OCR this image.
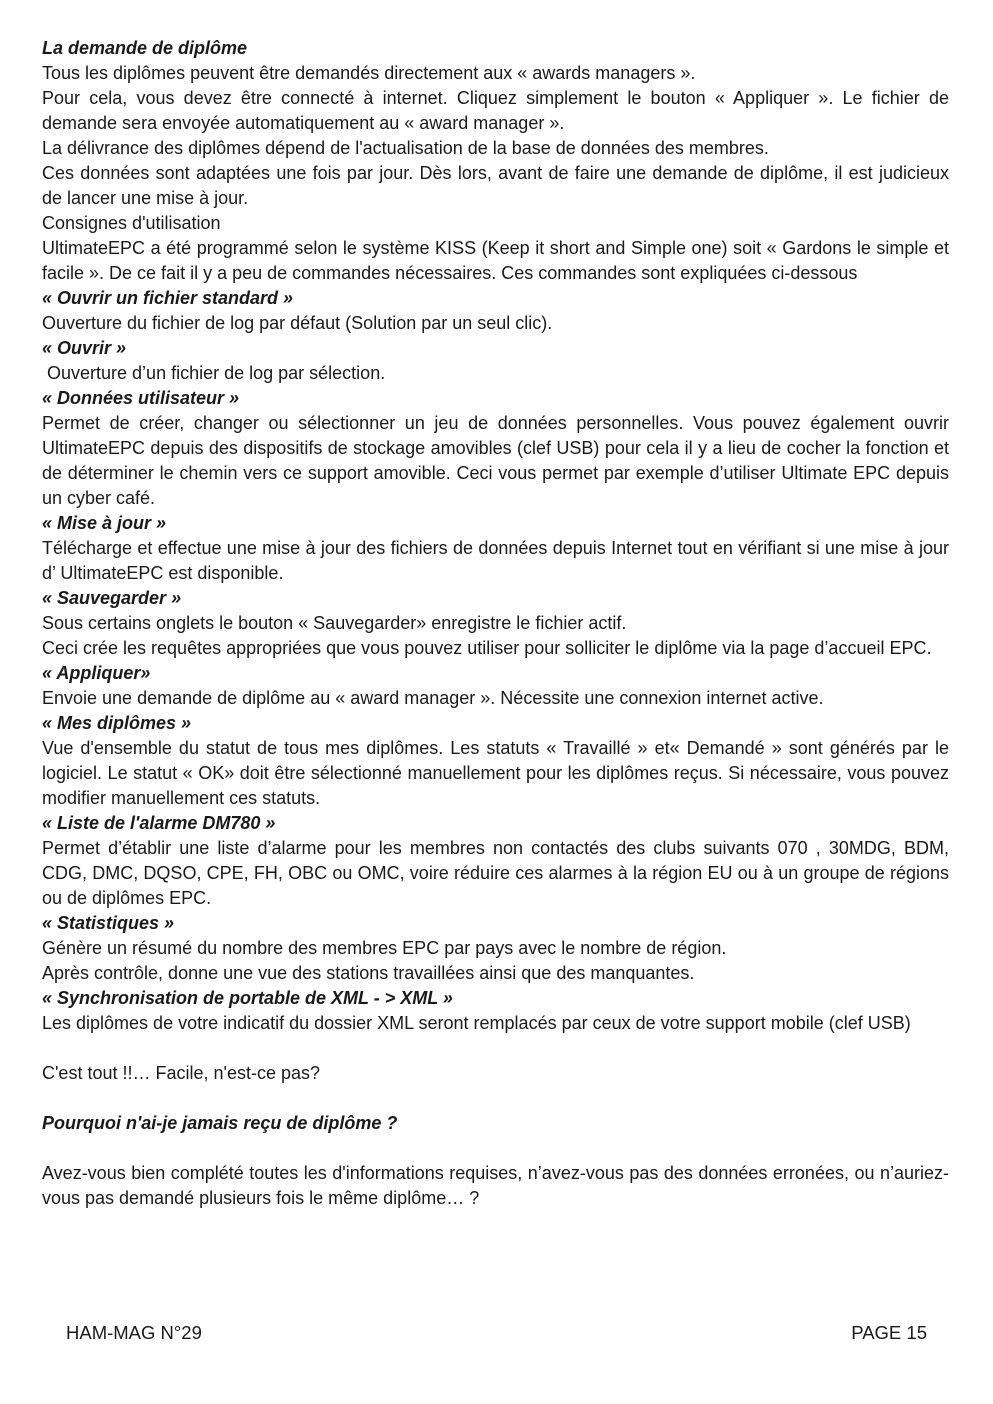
La demande de diplôme

Tous les diplômes peuvent être demandés directement aux « awards managers ».

Pour cela, vous devez être connecté à internet. Cliquez simplement le bouton « Appliquer ». Le fichier de demande sera envoyée automatiquement au « award manager ».

La délivrance des diplômes dépend de l'actualisation de la base de données des membres.

Ces données sont adaptées une fois par jour. Dès lors, avant de faire une demande de diplôme, il est judicieux de lancer une mise à jour.

Consignes d'utilisation

UltimateEPC a été programmé selon le système KISS (Keep it short and Simple one) soit « Gardons le simple et facile ». De ce fait il y a peu de commandes nécessaires. Ces commandes sont expliquées ci-dessous

« Ouvrir un fichier standard »

Ouverture du fichier de log par défaut (Solution par un seul clic).

« Ouvrir »

Ouverture d’un fichier de log par sélection.

« Données utilisateur »

Permet de créer, changer ou sélectionner un jeu de données personnelles. Vous pouvez également ouvrir UltimateEPC depuis des dispositifs de stockage amovibles (clef USB) pour cela il y a lieu de cocher la fonction et de déterminer le chemin vers ce support amovible. Ceci vous permet par exemple d’utiliser Ultimate EPC depuis un cyber café.

« Mise à jour »

Télécharge et effectue une mise à jour des fichiers de données depuis Internet tout en vérifiant si une mise à jour d’ UltimateEPC est disponible.

« Sauvegarder »

Sous certains onglets le bouton « Sauvegarder» enregistre le fichier actif.

Ceci crée les requêtes appropriées que vous pouvez utiliser pour solliciter le diplôme via la page d’accueil EPC.

« Appliquer»

Envoie une demande de diplôme au « award manager ». Nécessite une connexion internet active.

« Mes diplômes »

Vue d'ensemble du statut de tous mes diplômes. Les statuts « Travaillé » et« Demandé » sont générés par le logiciel. Le statut « OK» doit être sélectionné manuellement pour les diplômes reçus. Si nécessaire, vous pouvez modifier manuellement ces statuts.

« Liste de l'alarme DM780 »

Permet d’établir une liste d’alarme pour les membres non contactés des clubs suivants 070 , 30MDG, BDM, CDG, DMC, DQSO, CPE, FH, OBC ou OMC, voire réduire ces alarmes à la région EU ou à un groupe de régions ou de diplômes EPC.

« Statistiques »

Génère un résumé du nombre des membres EPC par pays avec le nombre de région.

Après contrôle, donne une vue des stations travaillées ainsi que des manquantes.

« Synchronisation de portable de XML - > XML »

Les diplômes de votre indicatif du dossier XML seront remplacés par ceux de votre support mobile (clef USB)

C'est tout !!… Facile, n'est-ce pas?

Pourquoi n'ai-je jamais reçu de diplôme ?

Avez-vous bien complété toutes les d'informations requises, n’avez-vous pas des données erronées, ou n’auriez-vous pas demandé plusieurs fois le même diplôme… ?

HAM-MAG N°29	PAGE 15
